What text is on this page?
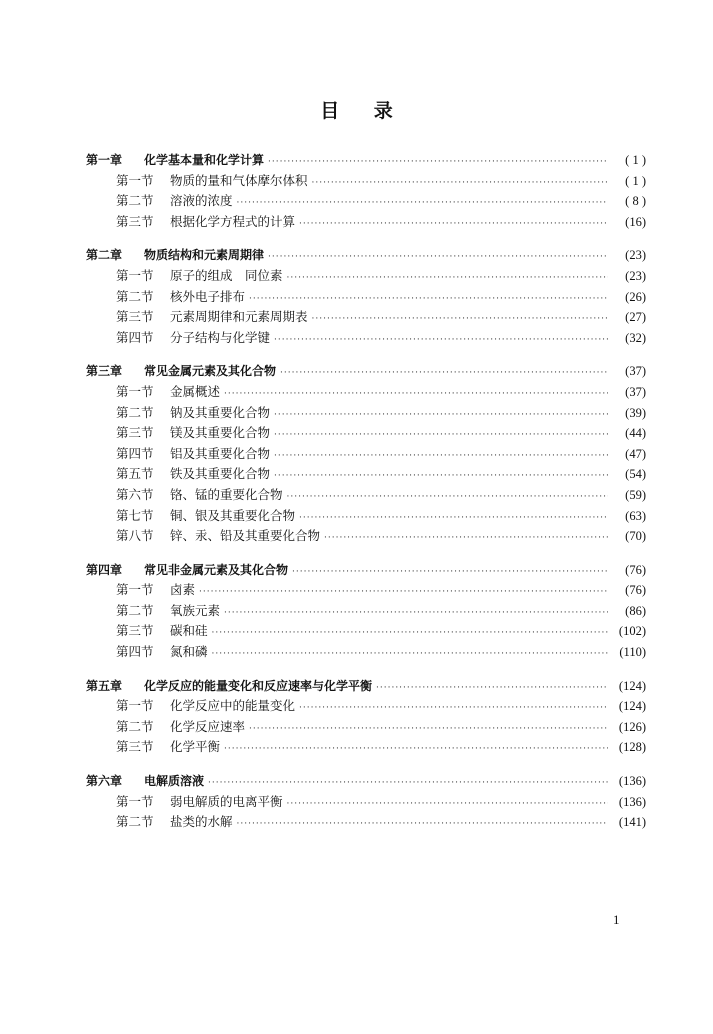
目 录
第一章	化学基本量和化学计算 ·····	( 1 )
第一节	物质的量和气体摩尔体积 ·····	( 1 )
第二节	溶液的浓度 ·····	( 8 )
第三节	根据化学方程式的计算 ·····	(16)
第二章	物质结构和元素周期律 ·····	(23)
第一节	原子的组成　同位素 ·····	(23)
第二节	核外电子排布 ·····	(26)
第三节	元素周期律和元素周期表 ·····	(27)
第四节	分子结构与化学键 ·····	(32)
第三章	常见金属元素及其化合物 ·····	(37)
第一节	金属概述 ·····	(37)
第二节	钠及其重要化合物 ·····	(39)
第三节	镁及其重要化合物 ·····	(44)
第四节	铝及其重要化合物 ·····	(47)
第五节	铁及其重要化合物 ·····	(54)
第六节	铬、锰的重要化合物 ·····	(59)
第七节	铜、银及其重要化合物 ·····	(63)
第八节	锌、汞、铅及其重要化合物 ·····	(70)
第四章	常见非金属元素及其化合物 ·····	(76)
第一节	卤素 ·····	(76)
第二节	氧族元素 ·····	(86)
第三节	碳和硅 ·····	(102)
第四节	氮和磷 ·····	(110)
第五章	化学反应的能量变化和反应速率与化学平衡 ·····	(124)
第一节	化学反应中的能量变化 ·····	(124)
第二节	化学反应速率 ·····	(126)
第三节	化学平衡 ·····	(128)
第六章	电解质溶液 ·····	(136)
第一节	弱电解质的电离平衡 ·····	(136)
第二节	盐类的水解 ·····	(141)
1
